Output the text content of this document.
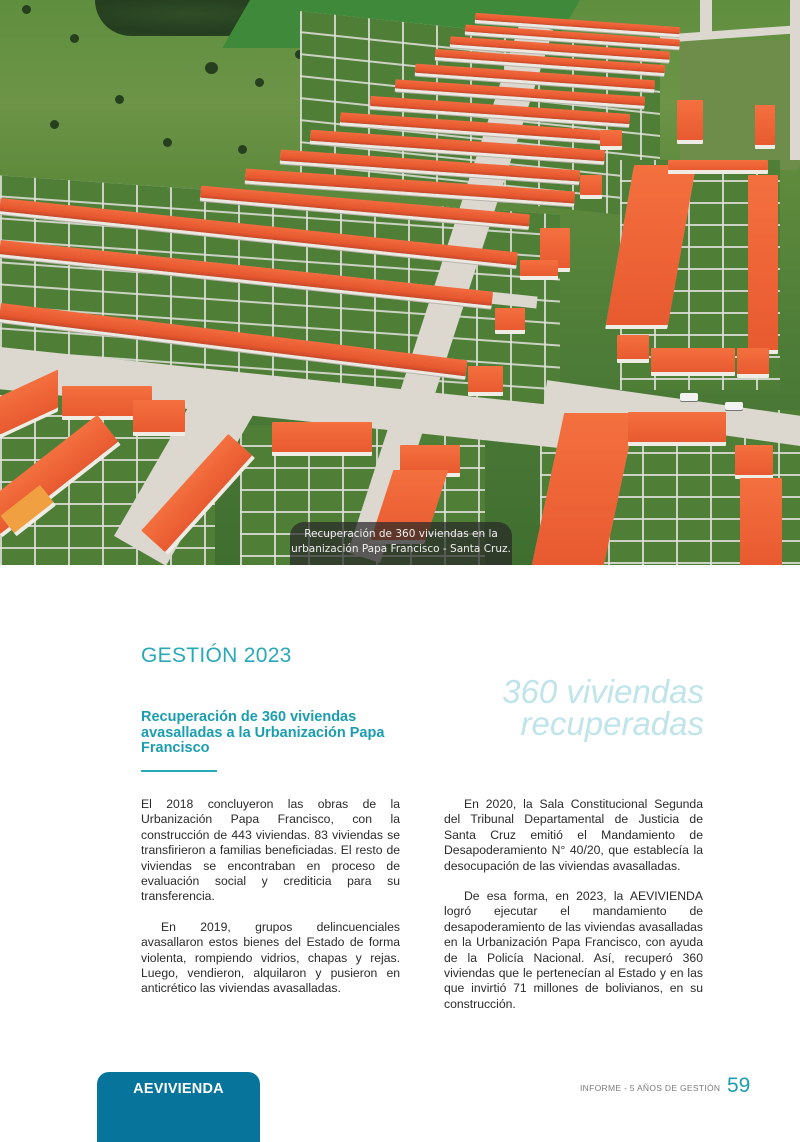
Recuperación de 360 viviendas en la
urbanización Papa Francisco - Santa Cruz.
GESTIÓN 2023
Recuperación de 360 viviendas avasalladas a la Urbanización Papa Francisco
360 viviendas
recuperadas

El 2018 concluyeron las obras de la Urbanización Papa Francisco, con la construcción de 443 viviendas. 83 viviendas se transfirieron a familias beneficiadas. El resto de viviendas se encontraban en proceso de evaluación social y crediticia para su transferencia.

En 2019, grupos delincuenciales avasallaron estos bienes del Estado de forma violenta, rompiendo vidrios, chapas y rejas. Luego, vendieron, alquilaron y pusieron en anticrético las viviendas avasalladas.

En 2020, la Sala Constitucional Segunda del Tribunal Departamental de Justicia de Santa Cruz emitió el Mandamiento de Desapoderamiento N° 40/20, que establecía la desocupación de las viviendas avasalladas.

De esa forma, en 2023, la AEVIVIENDA logró ejecutar el mandamiento de desapoderamiento de las viviendas avasalladas en la Urbanización Papa Francisco, con ayuda de la Policía Nacional. Así, recuperó 360 viviendas que le pertenecían al Estado y en las que invirtió 71 millones de bolivianos, en su construcción.

AEVIVIENDA	INFORME - 5 AÑOS DE GESTIÓN 59
